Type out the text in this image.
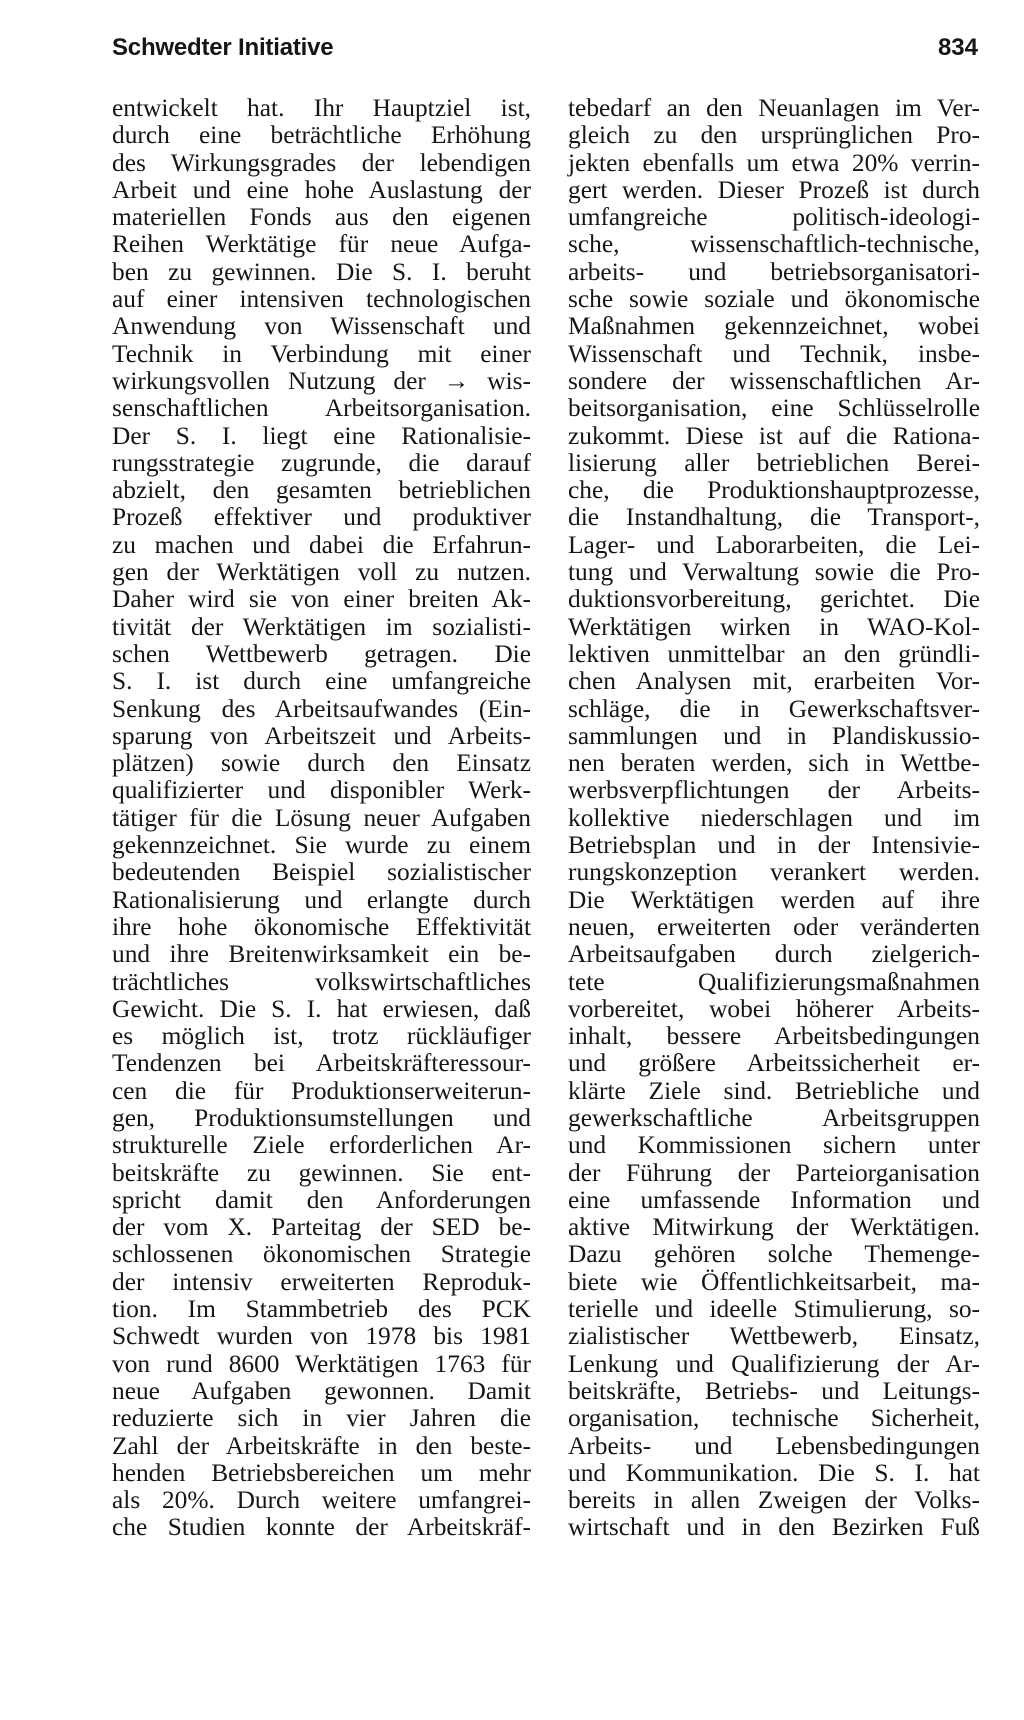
Schwedter Initiative	834
entwickelt hat. Ihr Hauptziel ist,
durch eine beträchtliche Erhöhung
des Wirkungsgrades der lebendigen
Arbeit und eine hohe Auslastung der
materiellen Fonds aus den eigenen
Reihen Werktätige für neue Aufga-
ben zu gewinnen. Die S. I. beruht
auf einer intensiven technologischen
Anwendung von Wissenschaft und
Technik in Verbindung mit einer
wirkungsvollen Nutzung der → wis-
senschaftlichen Arbeitsorganisation.
Der S. I. liegt eine Rationalisie-
rungsstrategie zugrunde, die darauf
abzielt, den gesamten betrieblichen
Prozeß effektiver und produktiver
zu machen und dabei die Erfahrun-
gen der Werktätigen voll zu nutzen.
Daher wird sie von einer breiten Ak-
tivität der Werktätigen im sozialisti-
schen Wettbewerb getragen. Die
S. I. ist durch eine umfangreiche
Senkung des Arbeitsaufwandes (Ein-
sparung von Arbeitszeit und Arbeits-
plätzen) sowie durch den Einsatz
qualifizierter und disponibler Werk-
tätiger für die Lösung neuer Aufgaben
gekennzeichnet. Sie wurde zu einem
bedeutenden Beispiel sozialistischer
Rationalisierung und erlangte durch
ihre hohe ökonomische Effektivität
und ihre Breitenwirksamkeit ein be-
trächtliches volkswirtschaftliches
Gewicht. Die S. I. hat erwiesen, daß
es möglich ist, trotz rückläufiger
Tendenzen bei Arbeitskräfteressour-
cen die für Produktionserweiterun-
gen, Produktionsumstellungen und
strukturelle Ziele erforderlichen Ar-
beitskräfte zu gewinnen. Sie ent-
spricht damit den Anforderungen
der vom X. Parteitag der SED be-
schlossenen ökonomischen Strategie
der intensiv erweiterten Reproduk-
tion. Im Stammbetrieb des PCK
Schwedt wurden von 1978 bis 1981
von rund 8600 Werktätigen 1763 für
neue Aufgaben gewonnen. Damit
reduzierte sich in vier Jahren die
Zahl der Arbeitskräfte in den beste-
henden Betriebsbereichen um mehr
als 20%. Durch weitere umfangrei-
che Studien konnte der Arbeitskräf-
tebedarf an den Neuanlagen im Ver-
gleich zu den ursprünglichen Pro-
jekten ebenfalls um etwa 20% verrin-
gert werden. Dieser Prozeß ist durch
umfangreiche politisch-ideologi-
sche, wissenschaftlich-technische,
arbeits- und betriebsorganisatori-
sche sowie soziale und ökonomische
Maßnahmen gekennzeichnet, wobei
Wissenschaft und Technik, insbe-
sondere der wissenschaftlichen Ar-
beitsorganisation, eine Schlüsselrolle
zukommt. Diese ist auf die Rationa-
lisierung aller betrieblichen Berei-
che, die Produktionshauptprozesse,
die Instandhaltung, die Transport-,
Lager- und Laborarbeiten, die Lei-
tung und Verwaltung sowie die Pro-
duktionsvorbereitung, gerichtet. Die
Werktätigen wirken in WAO-Kol-
lektiven unmittelbar an den gründli-
chen Analysen mit, erarbeiten Vor-
schläge, die in Gewerkschaftsver-
sammlungen und in Plandiskussio-
nen beraten werden, sich in Wettbe-
werbsverpflichtungen der Arbeits-
kollektive niederschlagen und im
Betriebsplan und in der Intensivie-
rungskonzeption verankert werden.
Die Werktätigen werden auf ihre
neuen, erweiterten oder veränderten
Arbeitsaufgaben durch zielgerich-
tete Qualifizierungsmaßnahmen
vorbereitet, wobei höherer Arbeits-
inhalt, bessere Arbeitsbedingungen
und größere Arbeitssicherheit er-
klärte Ziele sind. Betriebliche und
gewerkschaftliche Arbeitsgruppen
und Kommissionen sichern unter
der Führung der Parteiorganisation
eine umfassende Information und
aktive Mitwirkung der Werktätigen.
Dazu gehören solche Themenge-
biete wie Öffentlichkeitsarbeit, ma-
terielle und ideelle Stimulierung, so-
zialistischer Wettbewerb, Einsatz,
Lenkung und Qualifizierung der Ar-
beitskräfte, Betriebs- und Leitungs-
organisation, technische Sicherheit,
Arbeits- und Lebensbedingungen
und Kommunikation. Die S. I. hat
bereits in allen Zweigen der Volks-
wirtschaft und in den Bezirken Fuß
